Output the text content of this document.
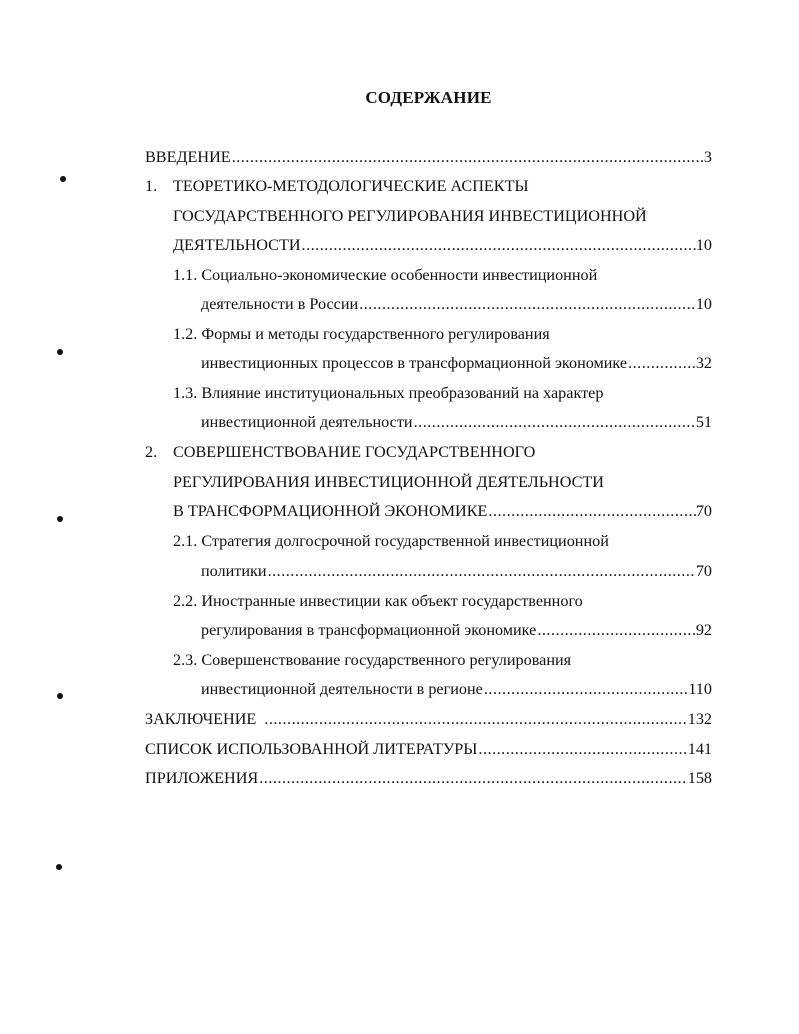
СОДЕРЖАНИЕ
ВВЕДЕНИЕ .....	3
1. ТЕОРЕТИКО-МЕТОДОЛОГИЧЕСКИЕ АСПЕКТЫ
ГОСУДАРСТВЕННОГО РЕГУЛИРОВАНИЯ ИНВЕСТИЦИОННОЙ
ДЕЯТЕЛЬНОСТИ .....	10
1.1. Социально-экономические особенности инвестиционной
деятельности в России .....	10
1.2. Формы и методы государственного регулирования
инвестиционных процессов в трансформационной экономике .....	32
1.3. Влияние институциональных преобразований на характер
инвестиционной деятельности .....	51
2. СОВЕРШЕНСТВОВАНИЕ ГОСУДАРСТВЕННОГО
РЕГУЛИРОВАНИЯ ИНВЕСТИЦИОННОЙ ДЕЯТЕЛЬНОСТИ
В ТРАНСФОРМАЦИОННОЙ ЭКОНОМИКЕ .....	70
2.1. Стратегия долгосрочной государственной инвестиционной
политики .....	70
2.2. Иностранные инвестиции как объект государственного
регулирования в трансформационной экономике .....	92
2.3. Совершенствование государственного регулирования
инвестиционной деятельности в регионе .....	110
ЗАКЛЮЧЕНИЕ .....	132
СПИСОК ИСПОЛЬЗОВАННОЙ ЛИТЕРАТУРЫ .....	141
ПРИЛОЖЕНИЯ .....	158
